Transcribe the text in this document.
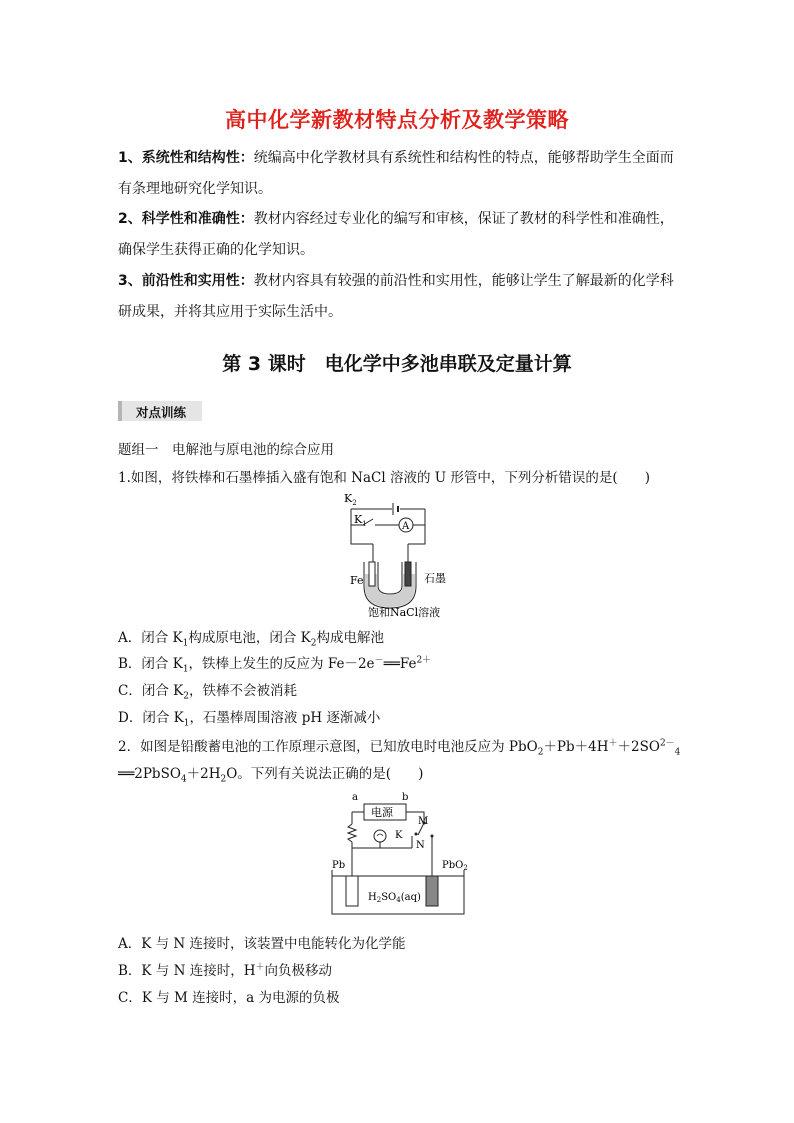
高中化学新教材特点分析及教学策略
1、系统性和结构性：统编高中化学教材具有系统性和结构性的特点，能够帮助学生全面而
有条理地研究化学知识。
2、科学性和准确性：教材内容经过专业化的编写和审核，保证了教材的科学性和准确性，
确保学生获得正确的化学知识。
3、前沿性和实用性：教材内容具有较强的前沿性和实用性，能够让学生了解最新的化学科
研成果，并将其应用于实际生活中。
第 3 课时　电化学中多池串联及定量计算
对点训练
题组一　电解池与原电池的综合应用
1.如图，将铁棒和石墨棒插入盛有饱和 NaCl 溶液的 U 形管中，下列分析错误的是(　　)
$K_2$
$K_1$	A
Fe	石墨
饱和NaCl溶液
A．闭合 $K_1$构成原电池，闭合 $K_2$构成电解池
B．闭合 $K_1$，铁棒上发生的反应为 $Fe-2e^-══Fe^{2+}$
C．闭合 $K_2$，铁棒不会被消耗
D．闭合 $K_1$，石墨棒周围溶液 pH 逐渐减小
2．如图是铅酸蓄电池的工作原理示意图，已知放电时电池反应为 $PbO_2+Pb+4H^++2SO^{2-}_4$
$══2PbSO_4+2H_2O$。下列有关说法正确的是(　　)
a	b
电源
M
K
N
Pb	PbO$_2$
$H_2SO_4(aq)$
A．K 与 N 连接时，该装置中电能转化为化学能
B．K 与 N 连接时，H＋向负极移动
C．K 与 M 连接时，a 为电源的负极
